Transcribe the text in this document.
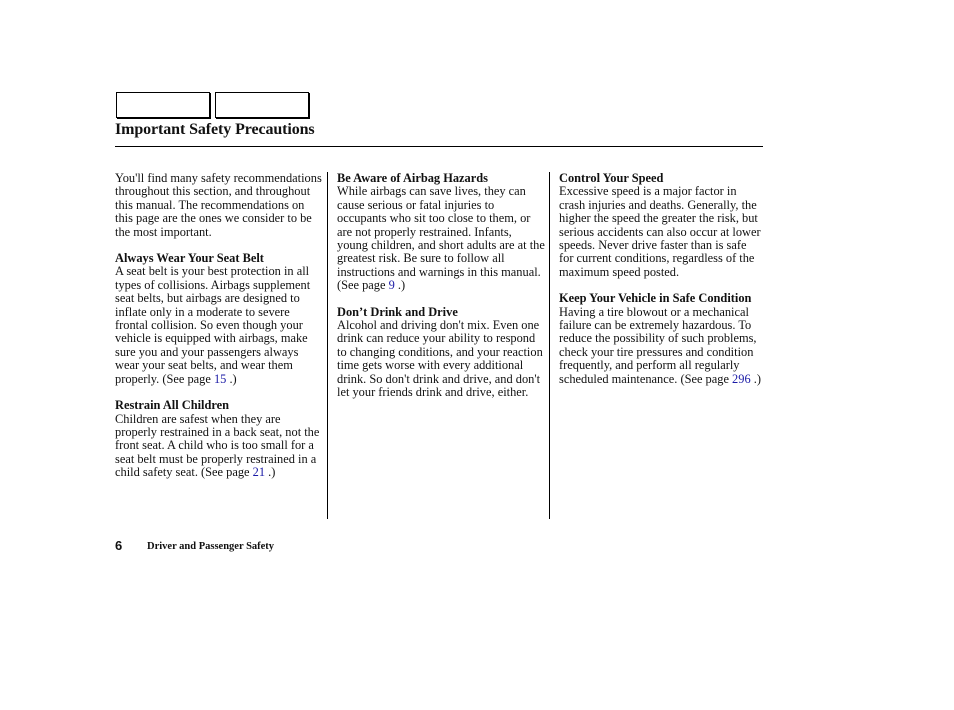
Important Safety Precautions

You'll find many safety recommendations throughout this section, and throughout this manual. The recommendations on this page are the ones we consider to be the most important.

Always Wear Your Seat Belt

A seat belt is your best protection in all types of collisions. Airbags supplement seat belts, but airbags are designed to inflate only in a moderate to severe frontal collision. So even though your vehicle is equipped with airbags, make sure you and your passengers always wear your seat belts, and wear them properly. (See page 15 .)

Restrain All Children

Children are safest when they are properly restrained in a back seat, not the front seat. A child who is too small for a seat belt must be properly restrained in a child safety seat. (See page 21 .)

Be Aware of Airbag Hazards

While airbags can save lives, they can cause serious or fatal injuries to occupants who sit too close to them, or are not properly restrained. Infants, young children, and short adults are at the greatest risk. Be sure to follow all instructions and warnings in this manual. (See page 9 .)

Don’t Drink and Drive

Alcohol and driving don't mix. Even one drink can reduce your ability to respond to changing conditions, and your reaction time gets worse with every additional drink. So don't drink and drive, and don't let your friends drink and drive, either.

Control Your Speed

Excessive speed is a major factor in crash injuries and deaths. Generally, the higher the speed the greater the risk, but serious accidents can also occur at lower speeds. Never drive faster than is safe for current conditions, regardless of the maximum speed posted.

Keep Your Vehicle in Safe Condition

Having a tire blowout or a mechanical failure can be extremely hazardous. To reduce the possibility of such problems, check your tire pressures and condition frequently, and perform all regularly scheduled maintenance. (See page 296 .)

6 Driver and Passenger Safety
